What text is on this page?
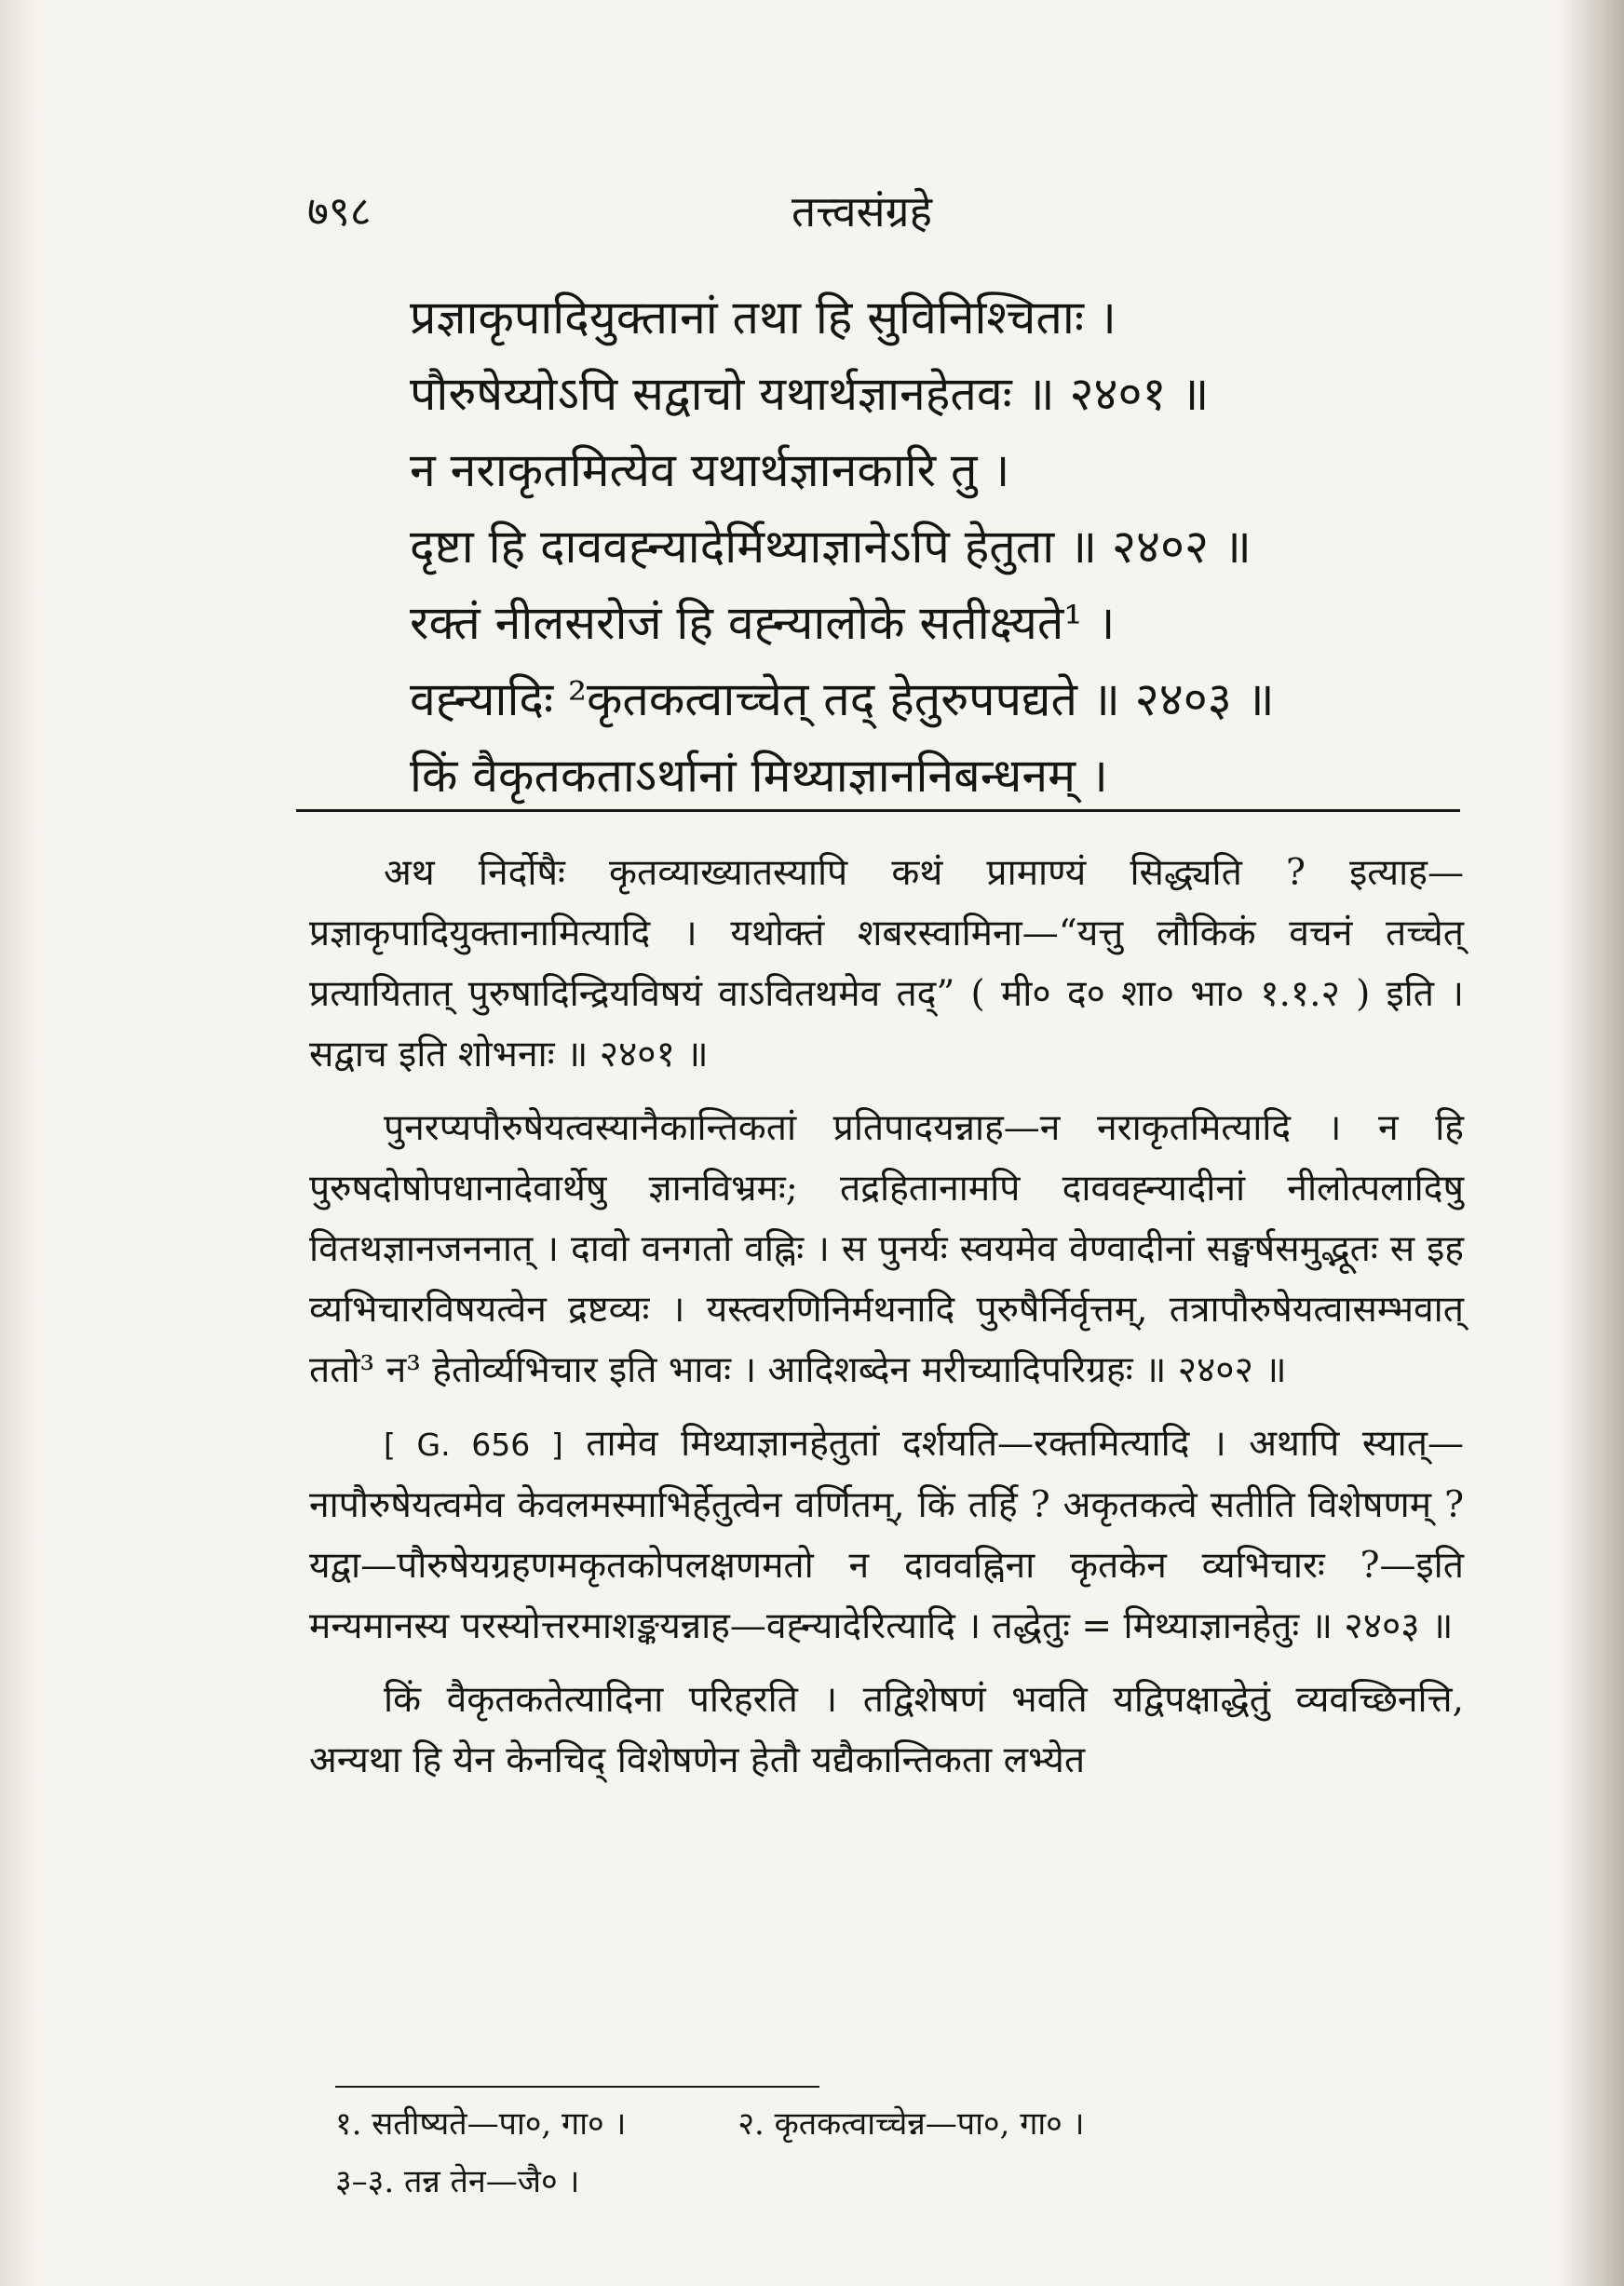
७९८	तत्त्वसंग्रहे
प्रज्ञाकृपादियुक्तानां तथा हि सुविनिश्चिताः ।
पौरुषेय्योऽपि सद्वाचो यथार्थज्ञानहेतवः ॥ २४०१ ॥
न नराकृतमित्येव यथार्थज्ञानकारि तु ।
दृष्टा हि दाववह्न्यादेर्मिथ्याज्ञानेऽपि हेतुता ॥ २४०२ ॥
रक्तं नीलसरोजं हि वह्न्यालोके सतीक्ष्यते¹ ।
वह्न्यादिः ²कृतकत्वाच्चेत् तद् हेतुरुपपद्यते ॥ २४०३ ॥
किं वैकृतकताऽर्थानां मिथ्याज्ञाननिबन्धनम् ।

अथ निर्दोषैः कृतव्याख्यातस्यापि कथं प्रामाण्यं सिद्ध्यति ? इत्याह— प्रज्ञाकृपादियुक्तानामित्यादि । यथोक्तं शबरस्वामिना—“यत्तु लौकिकं वचनं तच्चेत् प्रत्यायितात् पुरुषादिन्द्रियविषयं वाऽवितथमेव तद्” ( मी० द० शा० भा० १.१.२ ) इति । सद्वाच इति शोभनाः ॥ २४०१ ॥

पुनरप्यपौरुषेयत्वस्यानैकान्तिकतां प्रतिपादयन्नाह—न नराकृतमित्यादि । न हि पुरुषदोषोपधानादेवार्थेषु ज्ञानविभ्रमः; तद्रहितानामपि दाववह्न्यादीनां नीलोत्पलादिषु वितथज्ञानजननात् । दावो वनगतो वह्निः । स पुनर्यः स्वयमेव वेण्वादीनां सङ्घर्षसमुद्भूतः स इह व्यभिचारविषयत्वेन द्रष्टव्यः । यस्त्वरणिनिर्मथनादि पुरुषैर्निर्वृत्तम्, तत्रापौरुषेयत्वासम्भवात् ततो³ न³ हेतोर्व्यभिचार इति भावः । आदिशब्देन मरीच्यादिपरिग्रहः ॥ २४०२ ॥

[ G. 656 ] तामेव मिथ्याज्ञानहेतुतां दर्शयति—रक्तमित्यादि । अथापि स्यात्—नापौरुषेयत्वमेव केवलमस्माभिर्हेतुत्वेन वर्णितम्, किं तर्हि ? अकृतकत्वे सतीति विशेषणम् ? यद्वा—पौरुषेयग्रहणमकृतकोपलक्षणमतो न दाववह्निना कृतकेन व्यभिचारः ?—इति मन्यमानस्य परस्योत्तरमाशङ्कयन्नाह—वह्न्यादेरित्यादि । तद्धेतुः = मिथ्याज्ञानहेतुः ॥ २४०३ ॥

किं वैकृतकतेत्यादिना परिहरति । तद्विशेषणं भवति यद्विपक्षाद्धेतुं व्यवच्छिनत्ति, अन्यथा हि येन केनचिद् विशेषणेन हेतौ यद्यैकान्तिकता लभ्येत

१. सतीष्यते—पा०, गा० ।	२. कृतकत्वाच्चेन्न—पा०, गा० ।
३–३. तन्न तेन—जै० ।
